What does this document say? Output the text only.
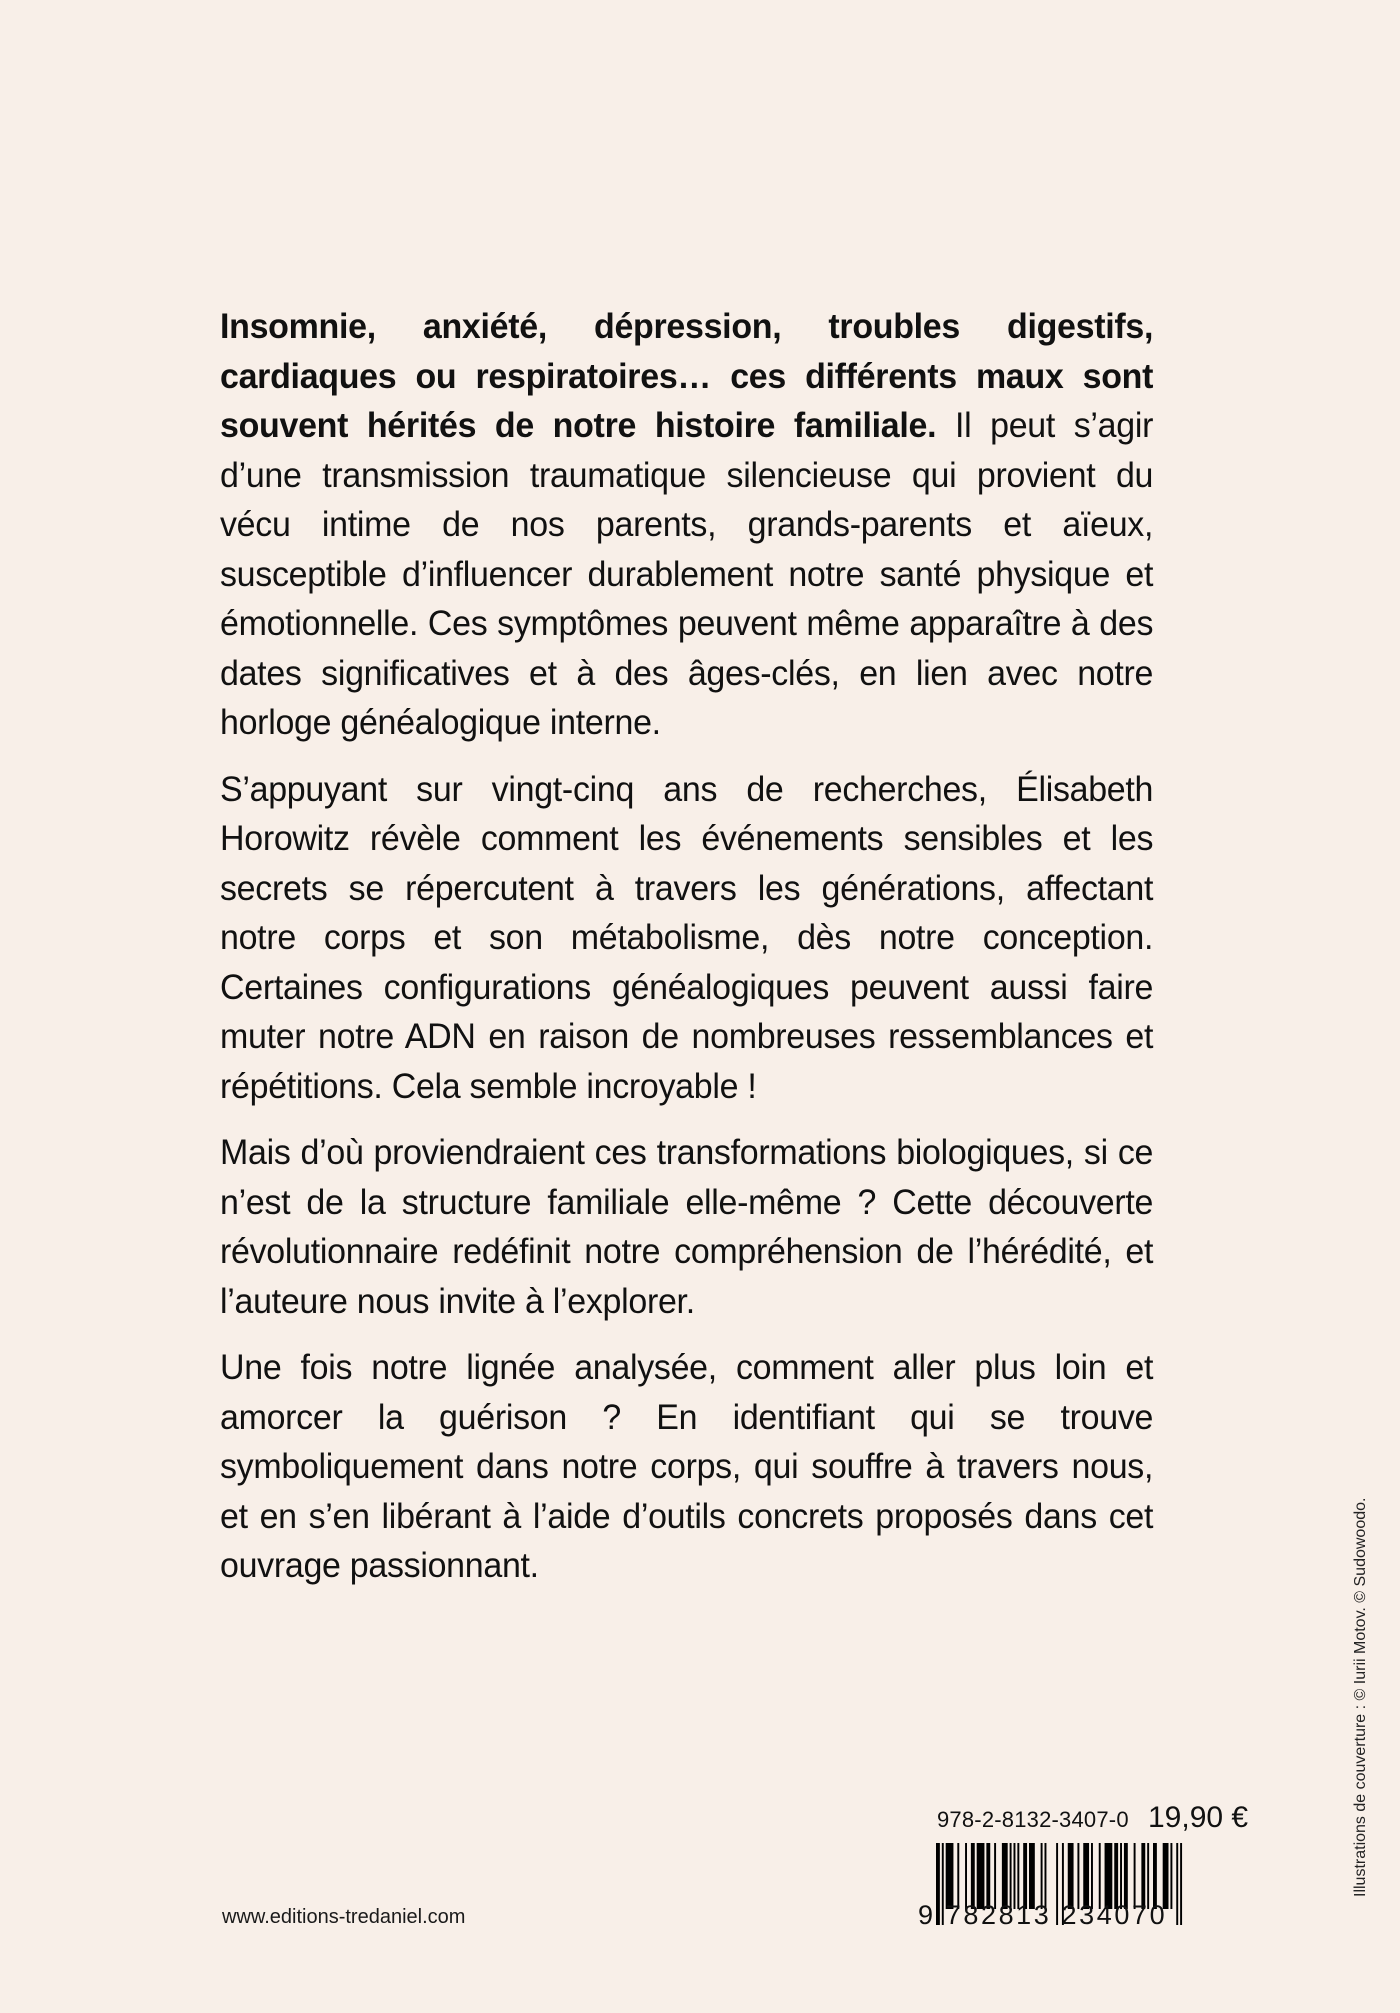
Insomnie, anxiété, dépression, troubles digestifs, cardiaques ou respiratoires… ces différents maux sont souvent hérités de notre histoire familiale. Il peut s’agir d’une transmission traumatique silencieuse qui provient du vécu intime de nos parents, grands-parents et aïeux, susceptible d’influencer durablement notre santé physique et émotionnelle. Ces symptômes peuvent même apparaître à des dates significatives et à des âges-clés, en lien avec notre horloge généalogique interne.

S’appuyant sur vingt-cinq ans de recherches, Élisabeth Horowitz révèle comment les événements sensibles et les secrets se répercutent à travers les générations, affectant notre corps et son métabolisme, dès notre conception. Certaines configurations généalogiques peuvent aussi faire muter notre ADN en raison de nombreuses ressemblances et répétitions. Cela semble incroyable !

Mais d’où proviendraient ces transformations biologiques, si ce n’est de la structure familiale elle-même ? Cette découverte révolutionnaire redéfinit notre compréhension de l’hérédité, et l’auteure nous invite à l’explorer.

Une fois notre lignée analysée, comment aller plus loin et amorcer la guérison ? En identifiant qui se trouve symboliquement dans notre corps, qui souffre à travers nous, et en s’en libérant à l’aide d’outils concrets proposés dans cet ouvrage passionnant.

978-2-8132-3407-0 19,90 €
9 782813 234070
www.editions-tredaniel.com
Illustrations de couverture : © Iurii Motov. © Sudowoodo.
